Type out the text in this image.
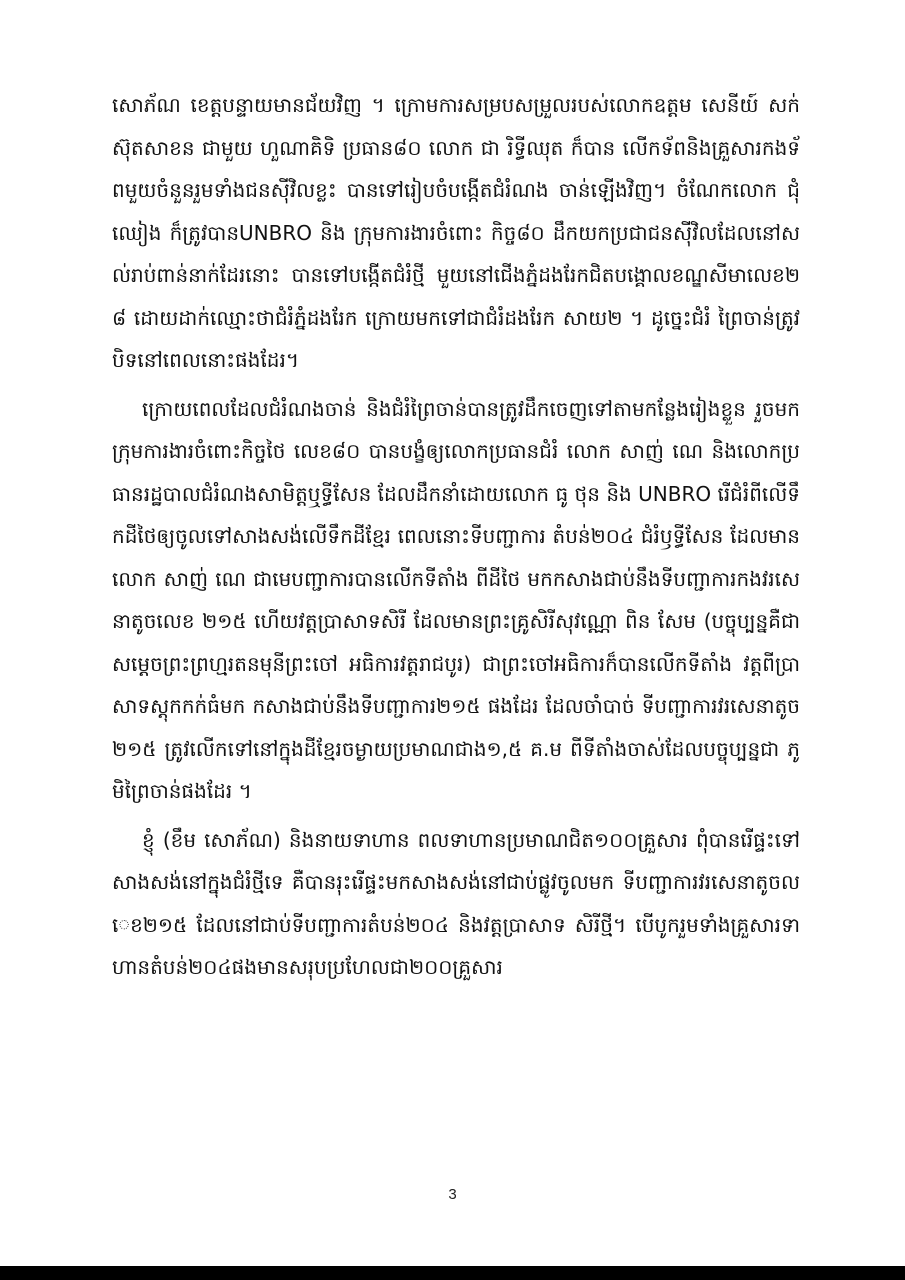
សោភ័ណ ខេត្តបន្ទាយមានជ័យវិញ ។ ក្រោមការសម្របសម្រួលរបស់លោកឧត្តម សេនីយ៍ សក់ ស៊ុតសាខន ជាមួយ ហួណាគិទិ ប្រធាន៨០ លោក ជា រិទ្ធីឈុត ក៏បាន លើកទ័ពនិងគ្រួសារកងទ័ពមួយចំនួនរួមទាំងជនស៊ីវិលខ្លះ បានទៅរៀបចំបង្កើតជំរំណង ចាន់ឡើងវិញ។ ចំណែកលោក ជុំ ឈៀង ក៏ត្រូវបានUNBRO និង ក្រុមការងារចំពោះ កិច្ច៨០ ដឹកយកប្រជាជនស៊ីវិលដែលនៅសល់រាប់ពាន់នាក់ដែរនោះ បានទៅបង្កើតជំរំថ្មី មួយនៅជើងភ្នំដងរែកជិតបង្គោលខណ្ឌសីមាលេខ២៨ ដោយដាក់ឈ្មោះថាជំរំភ្នំដងរែក ក្រោយមកទៅជាជំរំដងរែក សាយ២ ។ ដូច្នេះជំរំ ព្រៃចាន់ត្រូវបិទនៅពេលនោះផងដែរ។

ក្រោយពេលដែលជំរំណងចាន់ និងជំរំព្រៃចាន់បានត្រូវដឹកចេញទៅតាមកន្លែងរៀងខ្លួន រួចមក ក្រុមការងារចំពោះកិច្ចថៃ លេខ៨០ បានបង្ខំឲ្យលោកប្រធានជំរំ លោក សាញ់ ណេ និងលោកប្រធានរដ្ឋបាលជំរំណងសាមិត្តឬទ្ធីសែន ដែលដឹកនាំដោយលោក ធូ ថុន និង UNBRO រើជំរំពីលើទឹកដីថៃឲ្យចូលទៅសាងសង់លើទឹកដីខ្មែរ ពេលនោះទីបញ្ជាការ តំបន់២០៤ ជំរំឫទ្ធីសែន ដែលមានលោក សាញ់ ណេ ជាមេបញ្ជាការបានលើកទីតាំង ពីដីថៃ មកកសាងជាប់នឹងទីបញ្ជាការកងវរសេនាតូចលេខ ២១៥ ហើយវត្តប្រាសាទសិរី ដែលមានព្រះគ្រូសិរីសុវណ្ណោ ពិន សែម (បច្ចុប្បន្នគឺជា សម្តេចព្រះព្រហ្មរតនមុនីព្រះចៅ អធិការវត្តរាជបូរ) ជាព្រះចៅអធិការក៏បានលើកទីតាំង វត្តពីប្រាសាទស្តុកកក់ធំមក កសាងជាប់នឹងទីបញ្ជាការ២១៥ ផងដែរ ដែលចាំបាច់ ទីបញ្ជាការវរសេនាតូច២១៥ ត្រូវលើកទៅនៅក្នុងដីខ្មែរចម្ងាយប្រមាណជាង១,៥ គ.ម ពីទីតាំងចាស់ដែលបច្ចុប្បន្នជា ភូមិព្រៃចាន់ផងដែរ ។

ខ្ញុំ (ខឹម សោភ័ណ) និងនាយទាហាន ពលទាហានប្រមាណជិត១០០គ្រួសារ ពុំបានរើផ្ទះទៅសាងសង់នៅក្នុងជំរំថ្មីទេ គឺបានរុះរើផ្ទះមកសាងសង់នៅជាប់ផ្លូវចូលមក ទីបញ្ជាការវរសេនាតូចលេខ២១៥ ដែលនៅជាប់ទីបញ្ជាការតំបន់២០៤ និងវត្តប្រាសាទ សិរីថ្មី។ បើបូករួមទាំងគ្រួសារទាហានតំបន់២០៤ផងមានសរុបប្រហែលជា២០០គ្រួសារ

3
